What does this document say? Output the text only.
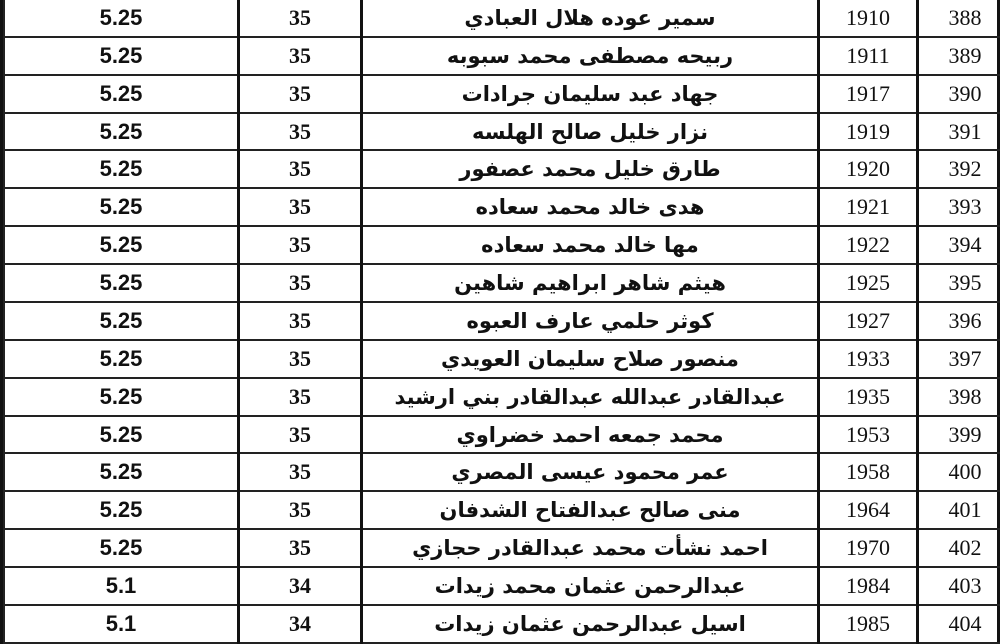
5.25	35	سمير عوده هلال العبادي	1910	388
5.25	35	ربيحه مصطفى محمد سبوبه	1911	389
5.25	35	جهاد عبد سليمان جرادات	1917	390
5.25	35	نزار خليل صالح الهلسه	1919	391
5.25	35	طارق خليل محمد عصفور	1920	392
5.25	35	هدى خالد محمد سعاده	1921	393
5.25	35	مها خالد محمد سعاده	1922	394
5.25	35	هيثم شاهر ابراهيم شاهين	1925	395
5.25	35	كوثر حلمي عارف العبوه	1927	396
5.25	35	منصور صلاح سليمان العويدي	1933	397
5.25	35	عبدالقادر عبدالله عبدالقادر بني ارشيد	1935	398
5.25	35	محمد جمعه احمد خضراوي	1953	399
5.25	35	عمر محمود عيسى المصري	1958	400
5.25	35	منى صالح عبدالفتاح الشدفان	1964	401
5.25	35	احمد نشأت محمد عبدالقادر حجازي	1970	402
5.1	34	عبدالرحمن عثمان محمد زيدات	1984	403
5.1	34	اسيل عبدالرحمن عثمان زيدات	1985	404
